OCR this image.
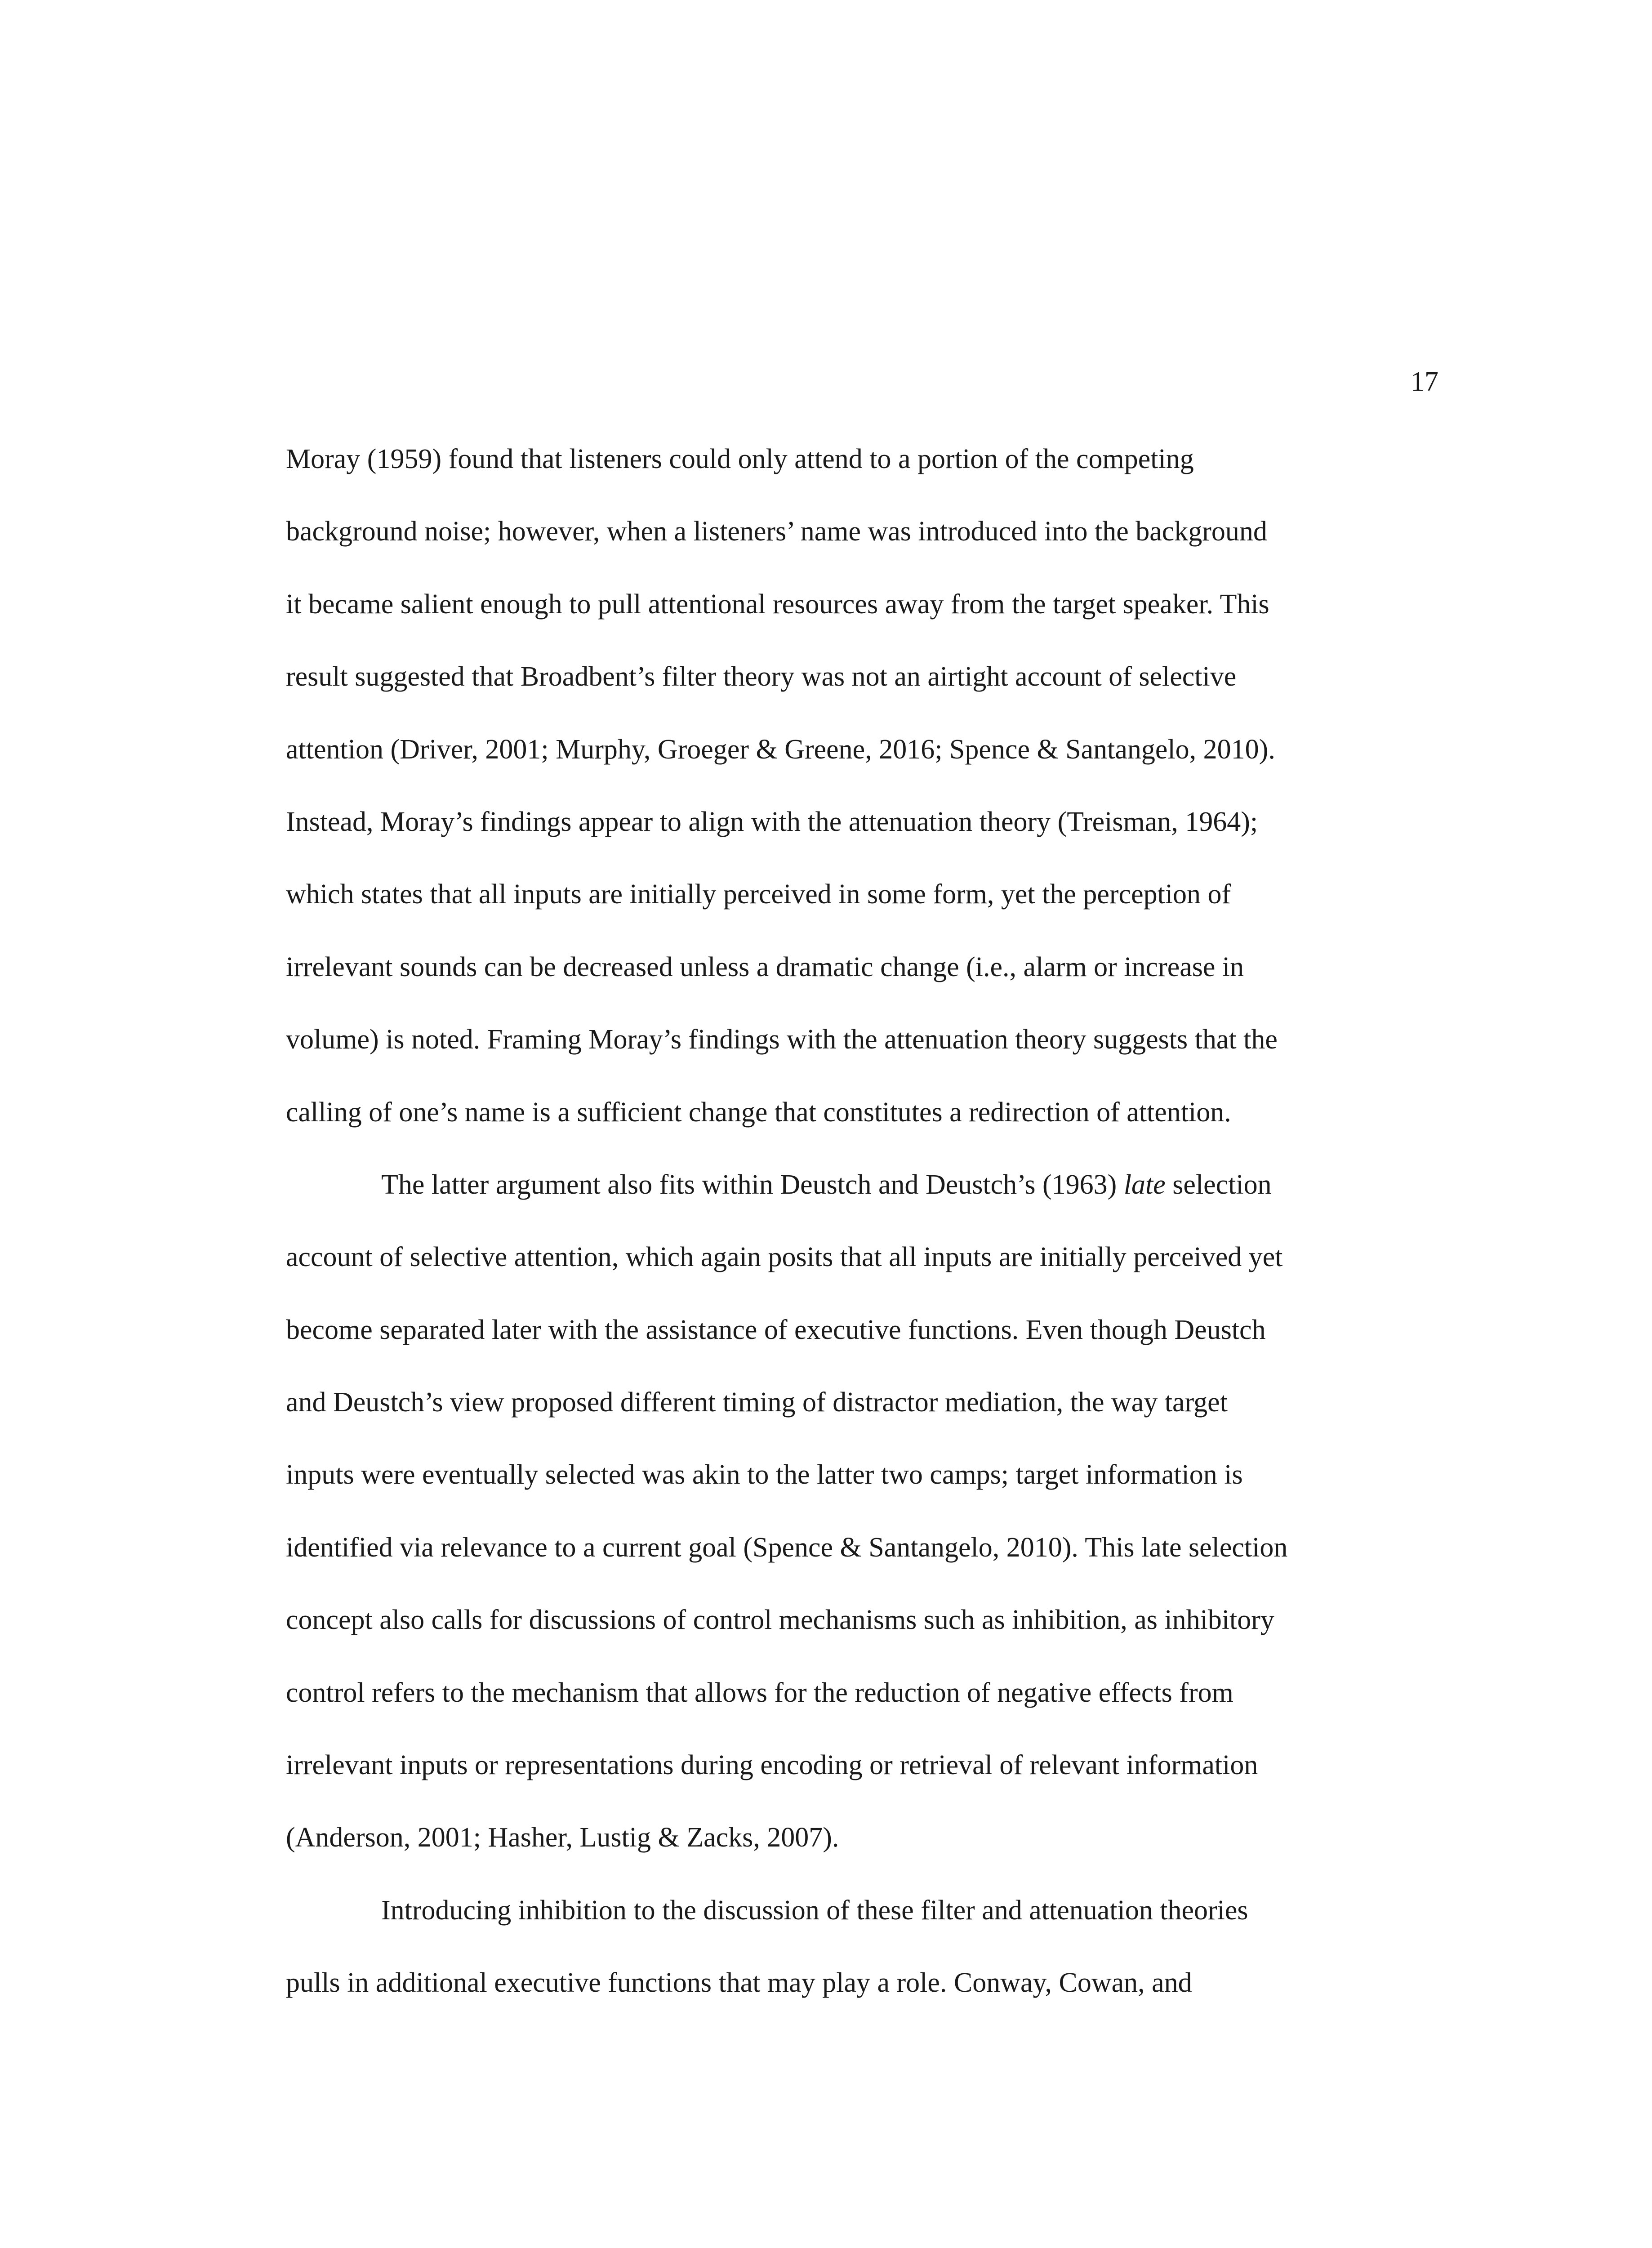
17
Moray (1959) found that listeners could only attend to a portion of the competing
background noise; however, when a listeners’ name was introduced into the background
it became salient enough to pull attentional resources away from the target speaker. This
result suggested that Broadbent’s filter theory was not an airtight account of selective
attention (Driver, 2001; Murphy, Groeger & Greene, 2016; Spence & Santangelo, 2010).
Instead, Moray’s findings appear to align with the attenuation theory (Treisman, 1964);
which states that all inputs are initially perceived in some form, yet the perception of
irrelevant sounds can be decreased unless a dramatic change (i.e., alarm or increase in
volume) is noted. Framing Moray’s findings with the attenuation theory suggests that the
calling of one’s name is a sufficient change that constitutes a redirection of attention.
The latter argument also fits within Deustch and Deustch’s (1963) late selection
account of selective attention, which again posits that all inputs are initially perceived yet
become separated later with the assistance of executive functions. Even though Deustch
and Deustch’s view proposed different timing of distractor mediation, the way target
inputs were eventually selected was akin to the latter two camps; target information is
identified via relevance to a current goal (Spence & Santangelo, 2010). This late selection
concept also calls for discussions of control mechanisms such as inhibition, as inhibitory
control refers to the mechanism that allows for the reduction of negative effects from
irrelevant inputs or representations during encoding or retrieval of relevant information
(Anderson, 2001; Hasher, Lustig & Zacks, 2007).
Introducing inhibition to the discussion of these filter and attenuation theories
pulls in additional executive functions that may play a role. Conway, Cowan, and
